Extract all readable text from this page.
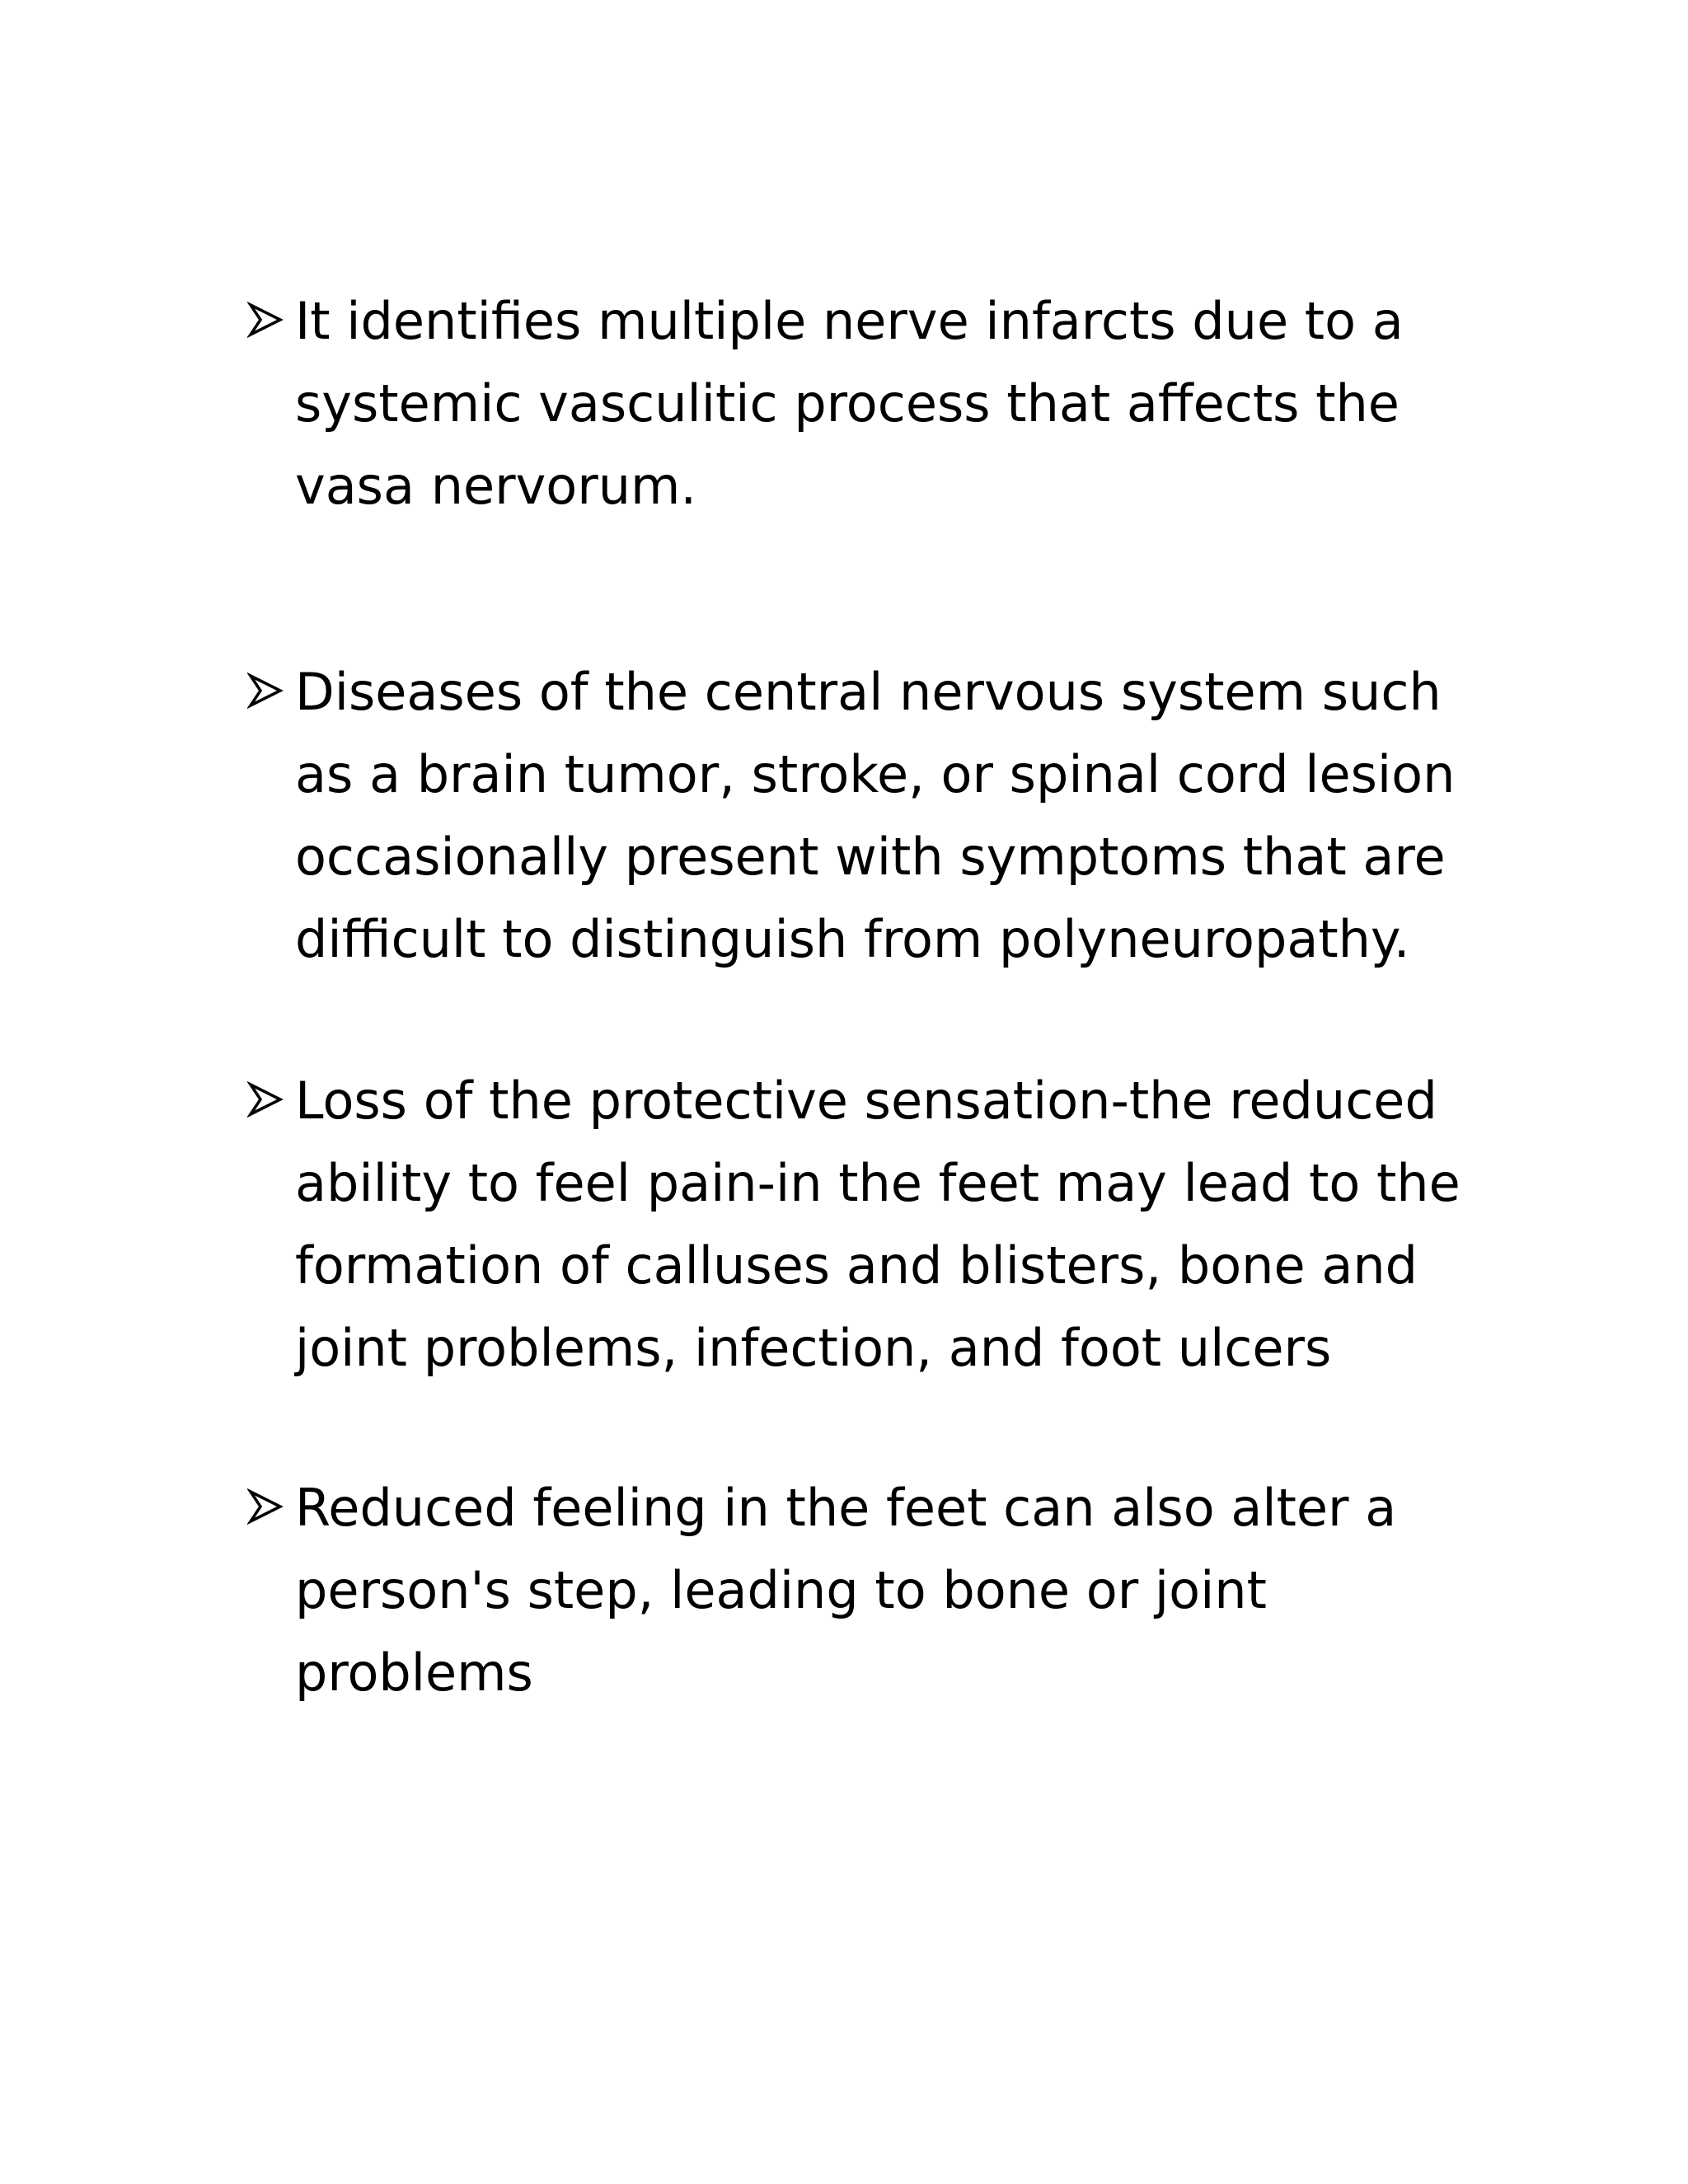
It identifies multiple nerve infarcts due to a
systemic vasculitic process that affects the
vasa nervorum.
Diseases of the central nervous system such
as a brain tumor, stroke, or spinal cord lesion
occasionally present with symptoms that are
difficult to distinguish from polyneuropathy.
Loss of the protective sensation-the reduced
ability to feel pain-in the feet may lead to the
formation of calluses and blisters, bone and
joint problems, infection, and foot ulcers
Reduced feeling in the feet can also alter a
person's step, leading to bone or joint
problems
